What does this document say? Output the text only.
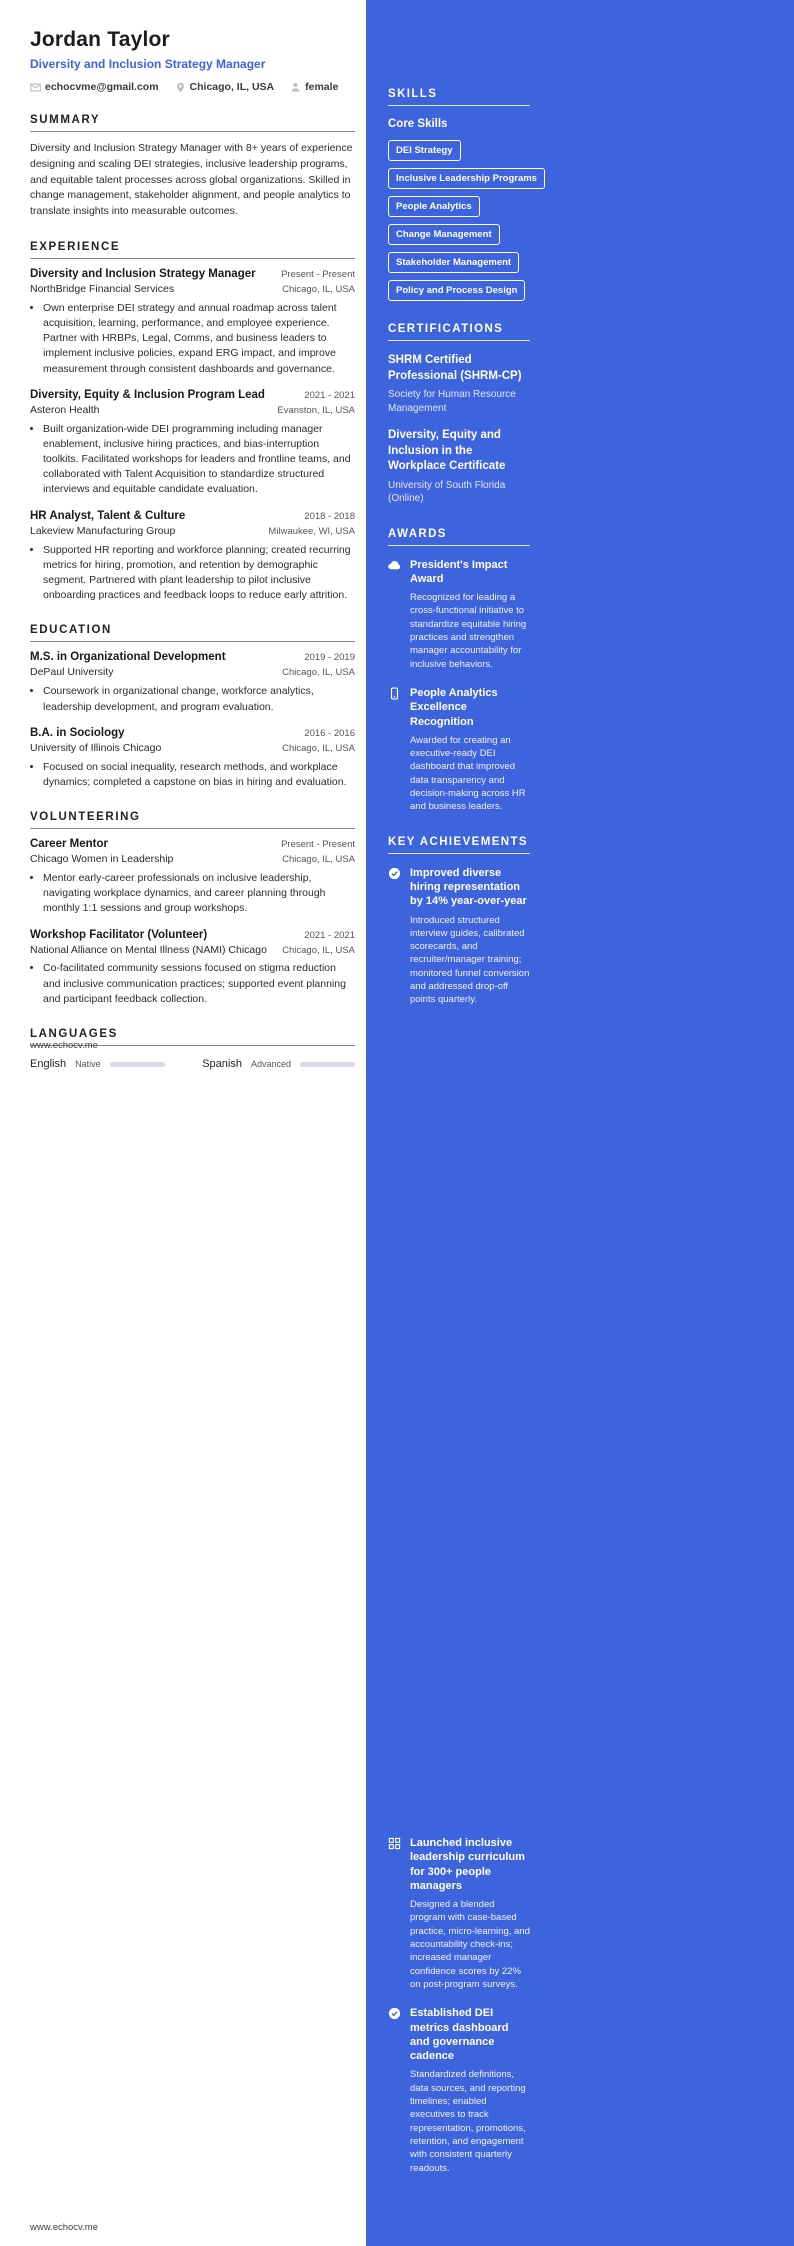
Jordan Taylor
Diversity and Inclusion Strategy Manager
echocvme@gmail.com	Chicago, IL, USA	female
SUMMARY
Diversity and Inclusion Strategy Manager with 8+ years of experience designing and scaling DEI strategies, inclusive leadership programs, and equitable talent processes across global organizations. Skilled in change management, stakeholder alignment, and people analytics to translate insights into measurable outcomes.
EXPERIENCE
Diversity and Inclusion Strategy Manager	Present - Present
NorthBridge Financial Services	Chicago, IL, USA
• Own enterprise DEI strategy and annual roadmap across talent acquisition, learning, performance, and employee experience. Partner with HRBPs, Legal, Comms, and business leaders to implement inclusive policies, expand ERG impact, and improve measurement through consistent dashboards and governance.
Diversity, Equity & Inclusion Program Lead	2021 - 2021
Asteron Health	Evanston, IL, USA
• Built organization-wide DEI programming including manager enablement, inclusive hiring practices, and bias-interruption toolkits. Facilitated workshops for leaders and frontline teams, and collaborated with Talent Acquisition to standardize structured interviews and equitable candidate evaluation.
HR Analyst, Talent & Culture	2018 - 2018
Lakeview Manufacturing Group	Milwaukee, WI, USA
• Supported HR reporting and workforce planning; created recurring metrics for hiring, promotion, and retention by demographic segment. Partnered with plant leadership to pilot inclusive onboarding practices and feedback loops to reduce early attrition.
EDUCATION
M.S. in Organizational Development	2019 - 2019
DePaul University	Chicago, IL, USA
• Coursework in organizational change, workforce analytics, leadership development, and program evaluation.
B.A. in Sociology	2016 - 2016
University of Illinois Chicago	Chicago, IL, USA
• Focused on social inequality, research methods, and workplace dynamics; completed a capstone on bias in hiring and evaluation.
VOLUNTEERING
Career Mentor	Present - Present
Chicago Women in Leadership	Chicago, IL, USA
• Mentor early-career professionals on inclusive leadership, navigating workplace dynamics, and career planning through monthly 1:1 sessions and group workshops.
Workshop Facilitator (Volunteer)	2021 - 2021
National Alliance on Mental Illness (NAMI) Chicago Chicago, IL, USA
• Co-facilitated community sessions focused on stigma reduction and inclusive communication practices; supported event planning and participant feedback collection.
LANGUAGES
English Native	Spanish Advanced
SKILLS
Core Skills
DEI Strategy
Inclusive Leadership Programs
People Analytics
Change Management
Stakeholder Management
Policy and Process Design
CERTIFICATIONS
SHRM Certified Professional (SHRM-CP)
Society for Human Resource Management
Diversity, Equity and Inclusion in the Workplace Certificate
University of South Florida (Online)
AWARDS
President's Impact Award
Recognized for leading a cross-functional initiative to standardize equitable hiring practices and strengthen manager accountability for inclusive behaviors.
People Analytics Excellence Recognition
Awarded for creating an executive-ready DEI dashboard that improved data transparency and decision-making across HR and business leaders.
KEY ACHIEVEMENTS
Improved diverse hiring representation by 14% year-over-year
Introduced structured interview guides, calibrated scorecards, and recruiter/manager training; monitored funnel conversion and addressed drop-off points quarterly.
Launched inclusive leadership curriculum for 300+ people managers
Designed a blended program with case-based practice, micro-learning, and accountability check-ins; increased manager confidence scores by 22% on post-program surveys.
Established DEI metrics dashboard and governance cadence
Standardized definitions, data sources, and reporting timelines; enabled executives to track representation, promotions, retention, and engagement with consistent quarterly readouts.
www.echocv.me
www.echocv.me
